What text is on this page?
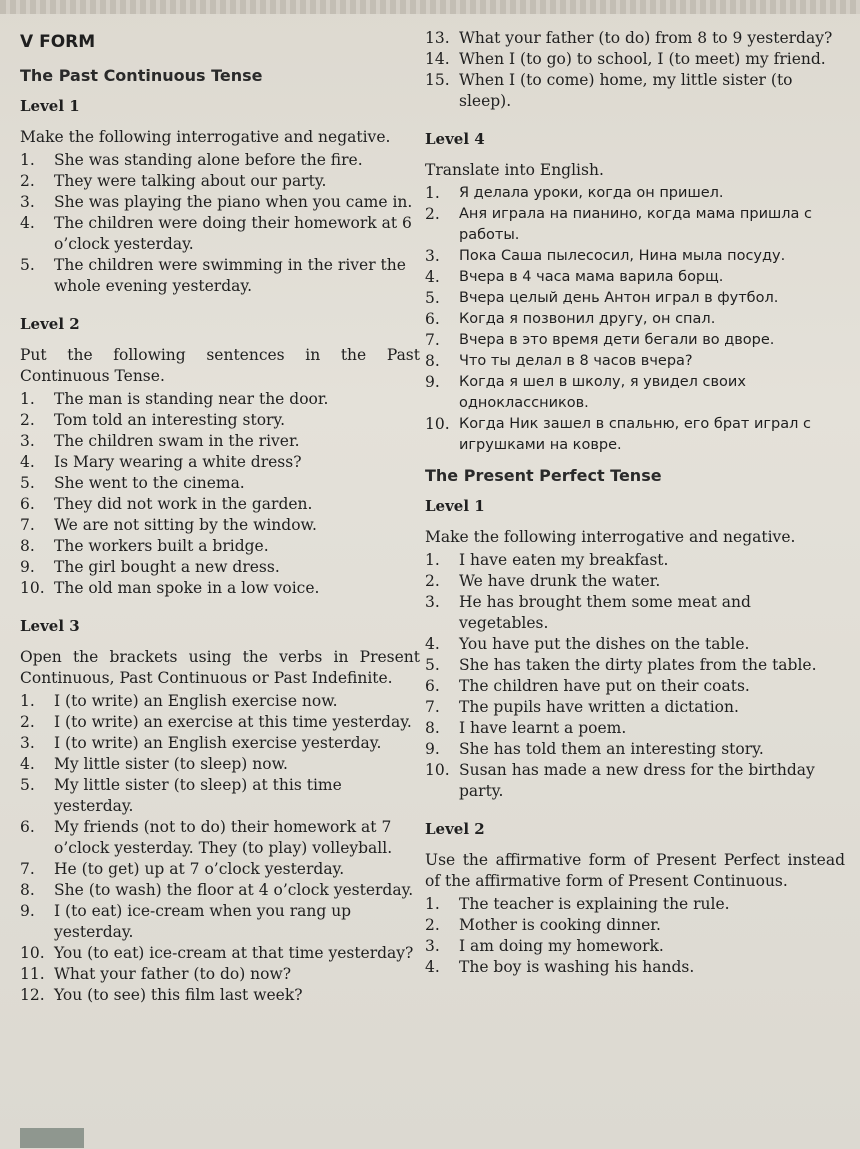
V FORM
The Past Continuous Tense
Level 1
Make the following interrogative and negative.
1.	She was standing alone before the fire.
2.	They were talking about our party.
3.	She was playing the piano when you came in.
4.	The children were doing their homework at 6 o’clock yesterday.
5.	The children were swimming in the river the whole evening yesterday.
Level 2
Put the following sentences in the Past Continuous Tense.
1.	The man is standing near the door.
2.	Tom told an interesting story.
3.	The children swam in the river.
4.	Is Mary wearing a white dress?
5.	She went to the cinema.
6.	They did not work in the garden.
7.	We are not sitting by the window.
8.	The workers built a bridge.
9.	The girl bought a new dress.
10. The old man spoke in a low voice.
Level 3
Open the brackets using the verbs in Present Continuous, Past Continuous or Past Indefinite.
1.	I (to write) an English exercise now.
2.	I (to write) an exercise at this time yesterday.
3.	I (to write) an English exercise yesterday.
4.	My little sister (to sleep) now.
5.	My little sister (to sleep) at this time yesterday.
6.	My friends (not to do) their homework at 7 o’clock yesterday. They (to play) volleyball.
7.	He (to get) up at 7 o’clock yesterday.
8.	She (to wash) the floor at 4 o’clock yesterday.
9.	I (to eat) ice-cream when you rang up yesterday.
10. You (to eat) ice-cream at that time yesterday?
11. What your father (to do) now?
12. You (to see) this film last week?
13. What your father (to do) from 8 to 9 yesterday?
14. When I (to go) to school, I (to meet) my friend.
15. When I (to come) home, my little sister (to sleep).
Level 4
Translate into English.
1.	Я делала уроки, когда он пришел.
2.	Аня играла на пианино, когда мама пришла с работы.
3.	Пока Саша пылесосил, Нина мыла посуду.
4.	Вчера в 4 часа мама варила борщ.
5.	Вчера целый день Антон играл в футбол.
6.	Когда я позвонил другу, он спал.
7.	Вчера в это время дети бегали во дворе.
8.	Что ты делал в 8 часов вчера?
9.	Когда я шел в школу, я увидел своих одноклассников.
10. Когда Ник зашел в спальню, его брат играл с игрушками на ковре.
The Present Perfect Tense
Level 1
Make the following interrogative and negative.
1.	I have eaten my breakfast.
2.	We have drunk the water.
3.	He has brought them some meat and vegetables.
4.	You have put the dishes on the table.
5.	She has taken the dirty plates from the table.
6.	The children have put on their coats.
7.	The pupils have written a dictation.
8.	I have learnt a poem.
9.	She has told them an interesting story.
10. Susan has made a new dress for the birthday party.
Level 2
Use the affirmative form of Present Perfect instead of the affirmative form of Present Continuous.
1.	The teacher is explaining the rule.
2.	Mother is cooking dinner.
3.	I am doing my homework.
4.	The boy is washing his hands.
